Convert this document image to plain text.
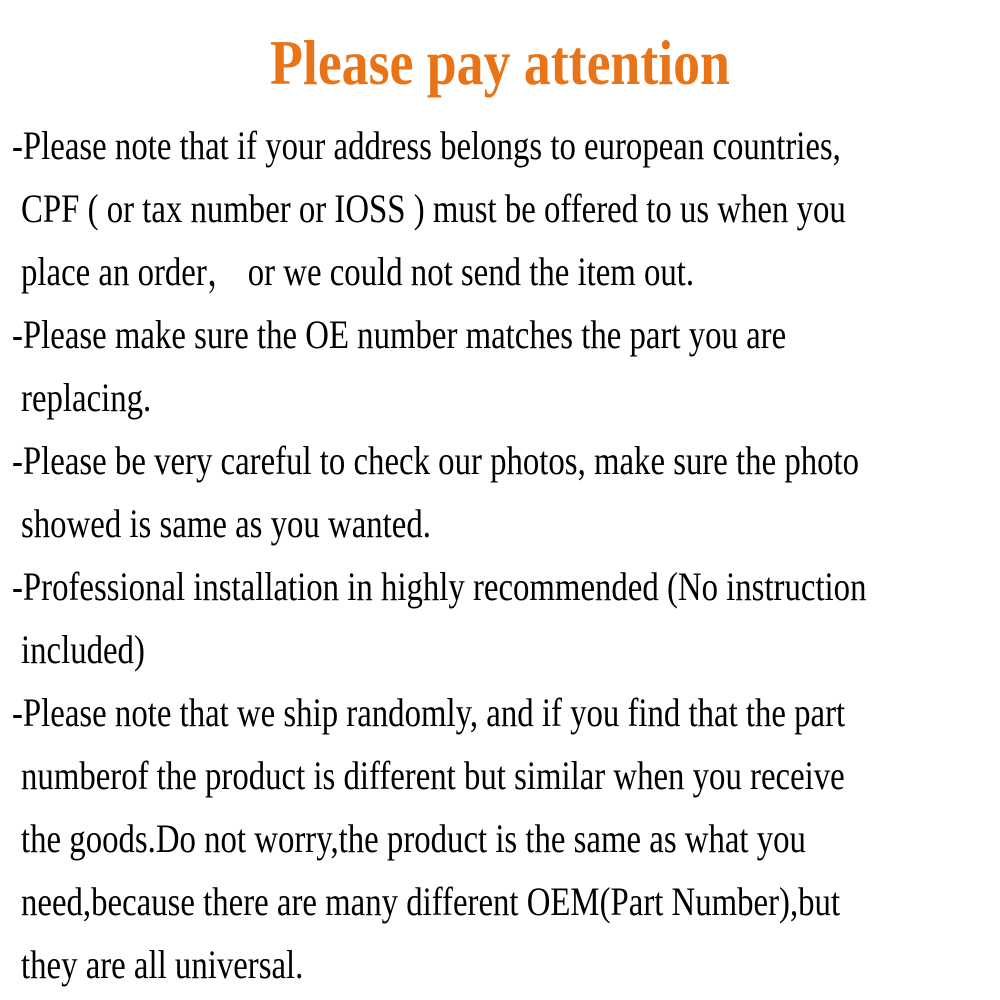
Please pay attention
-Please note that if your address belongs to european countries,
CPF ( or tax number or IOSS ) must be offered to us when you
place an order， or we could not send the item out.
-Please make sure the OE number matches the part you are
replacing.
-Please be very careful to check our photos, make sure the photo
showed is same as you wanted.
-Professional installation in highly recommended (No instruction
included)
-Please note that we ship randomly, and if you find that the part
numberof the product is different but similar when you receive
the goods.Do not worry,the product is the same as what you
need,because there are many different OEM(Part Number),but
they are all universal.
